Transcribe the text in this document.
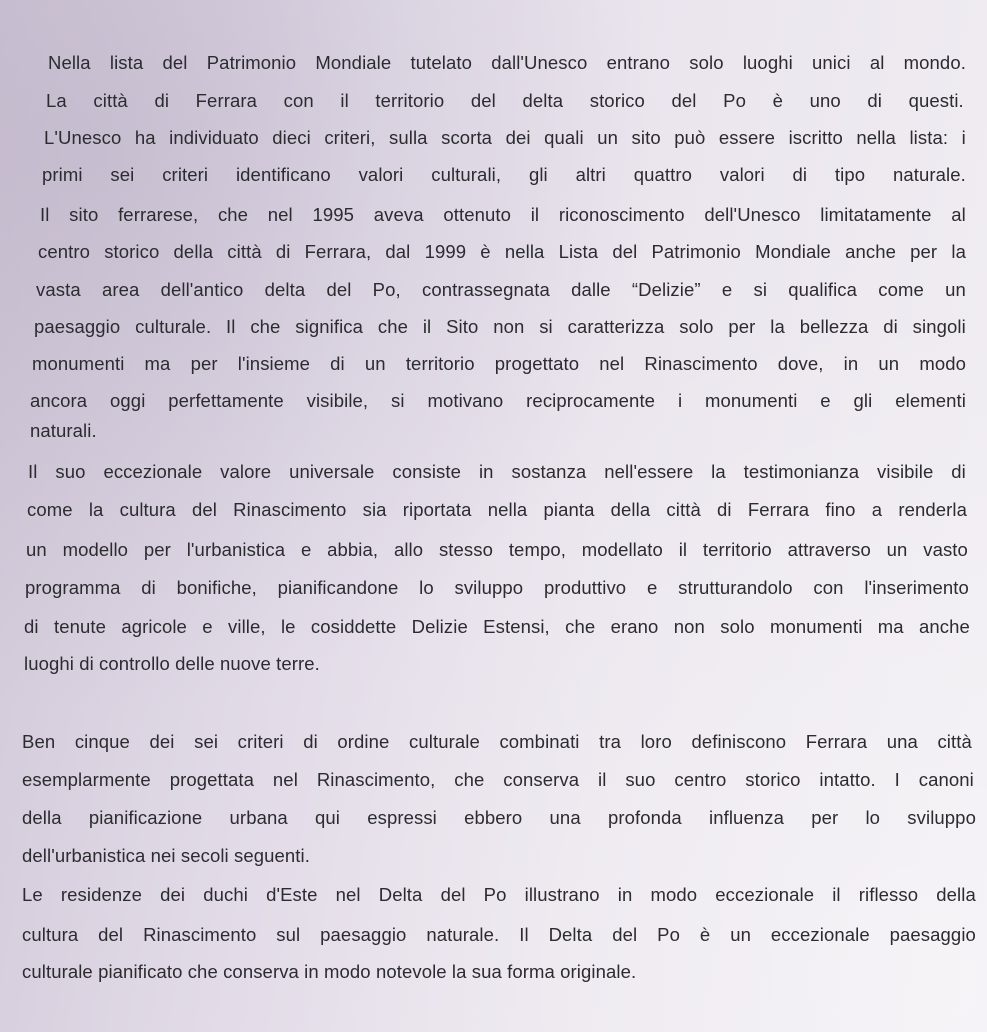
Nella lista del Patrimonio Mondiale tutelato dall'Unesco entrano solo luoghi unici al mondo.
La città di Ferrara con il territorio del delta storico del Po è uno di questi.
L'Unesco ha individuato dieci criteri, sulla scorta dei quali un sito può essere iscritto nella lista: i
primi sei criteri identificano valori culturali, gli altri quattro valori di tipo naturale.
Il sito ferrarese, che nel 1995 aveva ottenuto il riconoscimento dell'Unesco limitatamente al
centro storico della città di Ferrara, dal 1999 è nella Lista del Patrimonio Mondiale anche per la
vasta area dell'antico delta del Po, contrassegnata dalle “Delizie” e si qualifica come un
paesaggio culturale. Il che significa che il Sito non si caratterizza solo per la bellezza di singoli
monumenti ma per l'insieme di un territorio progettato nel Rinascimento dove, in un modo
ancora oggi perfettamente visibile, si motivano reciprocamente i monumenti e gli elementi
naturali.
Il suo eccezionale valore universale consiste in sostanza nell'essere la testimonianza visibile di
come la cultura del Rinascimento sia riportata nella pianta della città di Ferrara fino a renderla
un modello per l'urbanistica e abbia, allo stesso tempo, modellato il territorio attraverso un vasto
programma di bonifiche, pianificandone lo sviluppo produttivo e strutturandolo con l'inserimento
di tenute agricole e ville, le cosiddette Delizie Estensi, che erano non solo monumenti ma anche
luoghi di controllo delle nuove terre.
Ben cinque dei sei criteri di ordine culturale combinati tra loro definiscono Ferrara una città
esemplarmente progettata nel Rinascimento, che conserva il suo centro storico intatto. I canoni
della pianificazione urbana qui espressi ebbero una profonda influenza per lo sviluppo
dell'urbanistica nei secoli seguenti.
Le residenze dei duchi d'Este nel Delta del Po illustrano in modo eccezionale il riflesso della
cultura del Rinascimento sul paesaggio naturale. Il Delta del Po è un eccezionale paesaggio
culturale pianificato che conserva in modo notevole la sua forma originale.
